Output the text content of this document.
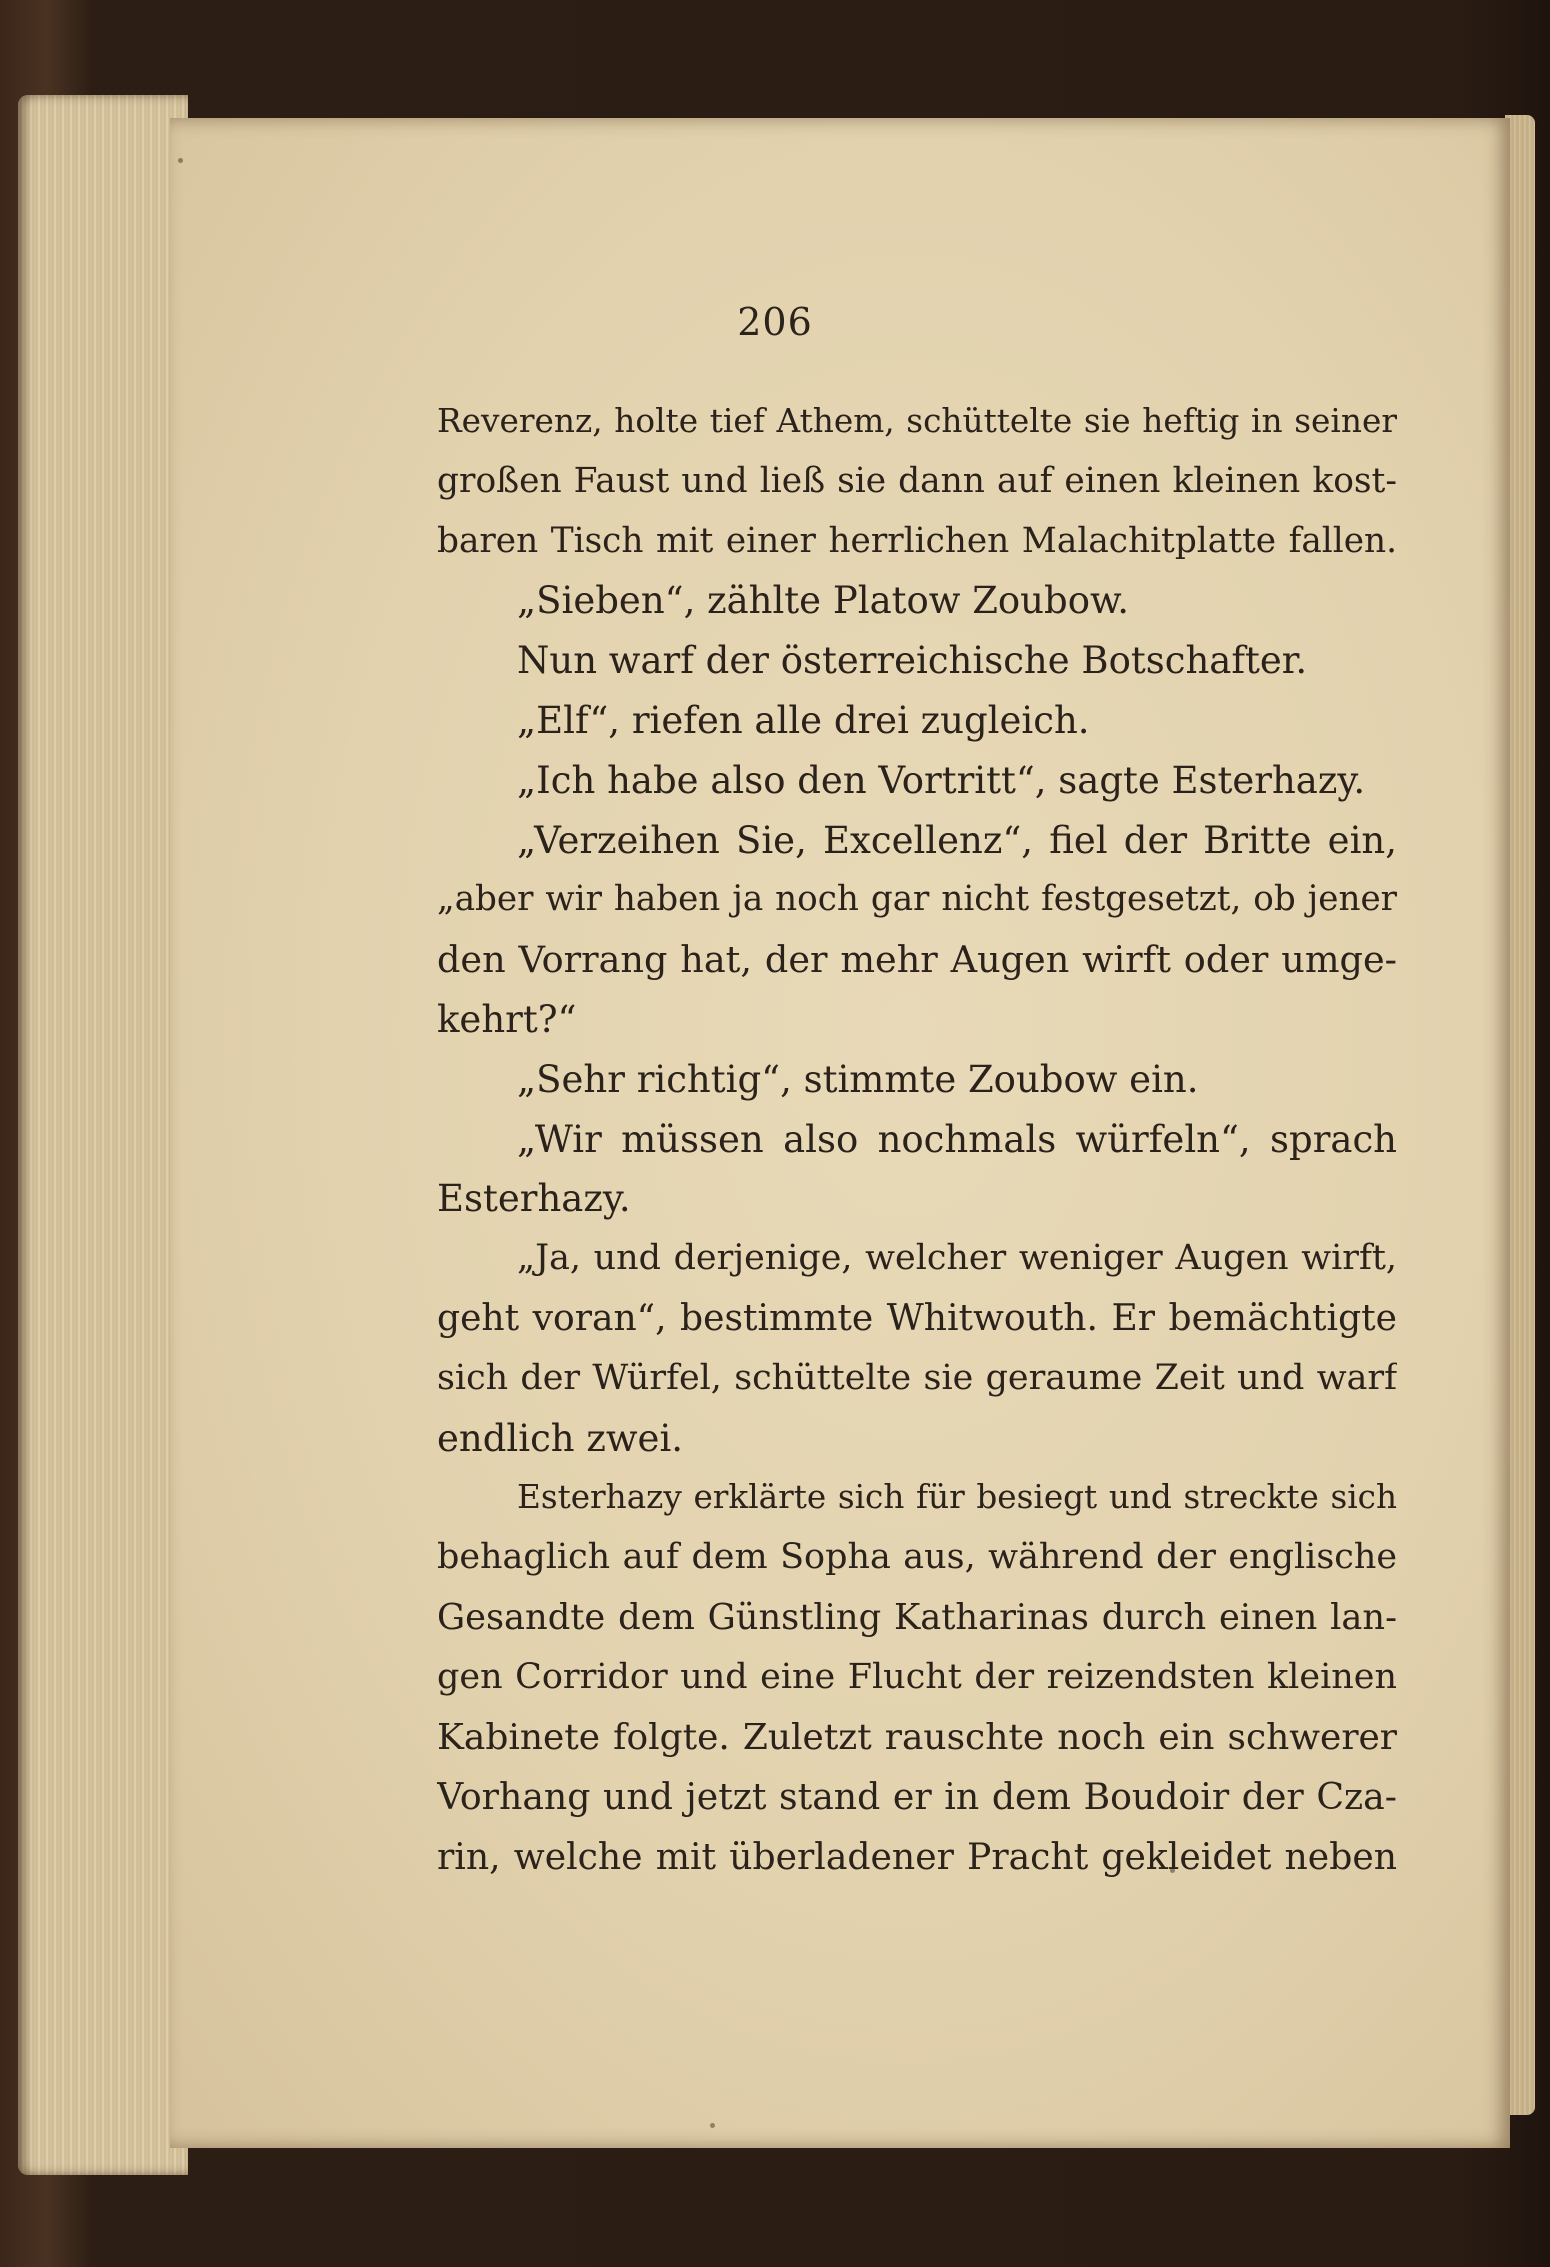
206
Reverenz, holte tief Athem, schüttelte sie heftig in seiner
großen Faust und ließ sie dann auf einen kleinen kost-
baren Tisch mit einer herrlichen Malachitplatte fallen.
„Sieben“, zählte Platow Zoubow.
Nun warf der österreichische Botschafter.
„Elf“, riefen alle drei zugleich.
„Ich habe also den Vortritt“, sagte Esterhazy.
„Verzeihen Sie, Excellenz“, fiel der Britte ein,
„aber wir haben ja noch gar nicht festgesetzt, ob jener
den Vorrang hat, der mehr Augen wirft oder umge-
kehrt?“
„Sehr richtig“, stimmte Zoubow ein.
„Wir müssen also nochmals würfeln“, sprach
Esterhazy.
„Ja, und derjenige, welcher weniger Augen wirft,
geht voran“, bestimmte Whitwouth. Er bemächtigte
sich der Würfel, schüttelte sie geraume Zeit und warf
endlich zwei.
Esterhazy erklärte sich für besiegt und streckte sich
behaglich auf dem Sopha aus, während der englische
Gesandte dem Günstling Katharinas durch einen lan-
gen Corridor und eine Flucht der reizendsten kleinen
Kabinete folgte. Zuletzt rauschte noch ein schwerer
Vorhang und jetzt stand er in dem Boudoir der Cza-
rin, welche mit überladener Pracht gekleidet neben
